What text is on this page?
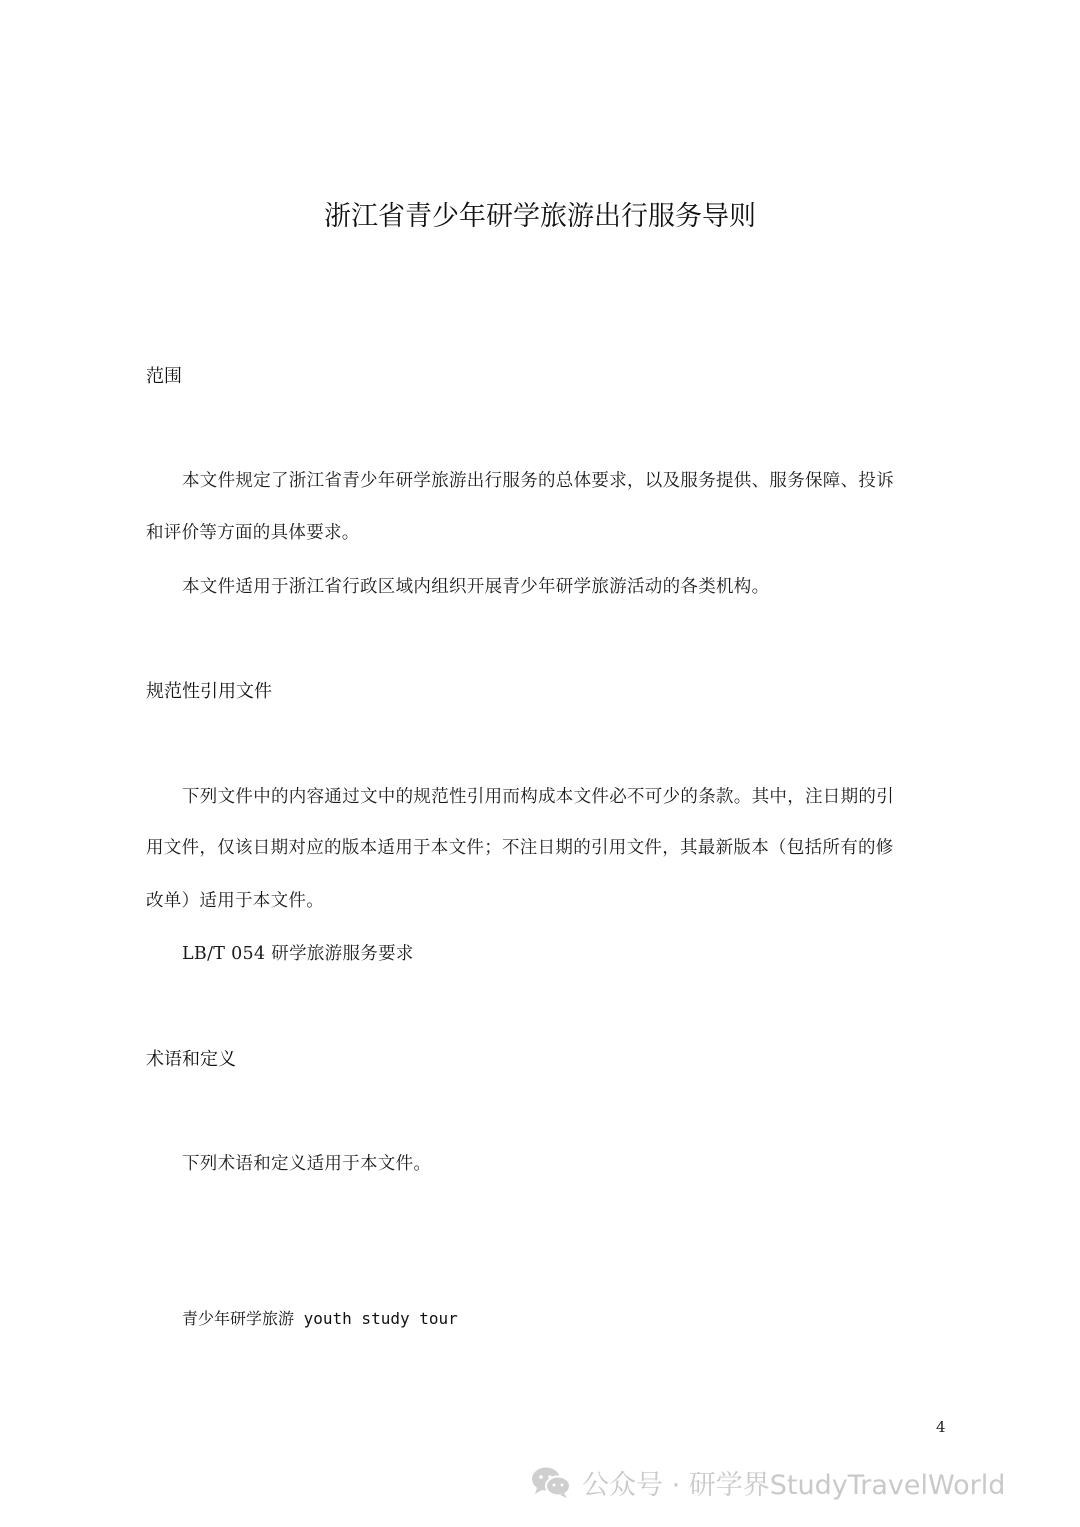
浙江省青少年研学旅游出行服务导则
范围
本文件规定了浙江省青少年研学旅游出行服务的总体要求，以及服务提供、服务保障、投诉
和评价等方面的具体要求。
本文件适用于浙江省行政区域内组织开展青少年研学旅游活动的各类机构。
规范性引用文件
下列文件中的内容通过文中的规范性引用而构成本文件必不可少的条款。其中，注日期的引
用文件，仅该日期对应的版本适用于本文件；不注日期的引用文件，其最新版本（包括所有的修
改单）适用于本文件。
LB/T 054 研学旅游服务要求
术语和定义
下列术语和定义适用于本文件。
青少年研学旅游 youth study tour
4
公众号 · 研学界StudyTravelWorld
